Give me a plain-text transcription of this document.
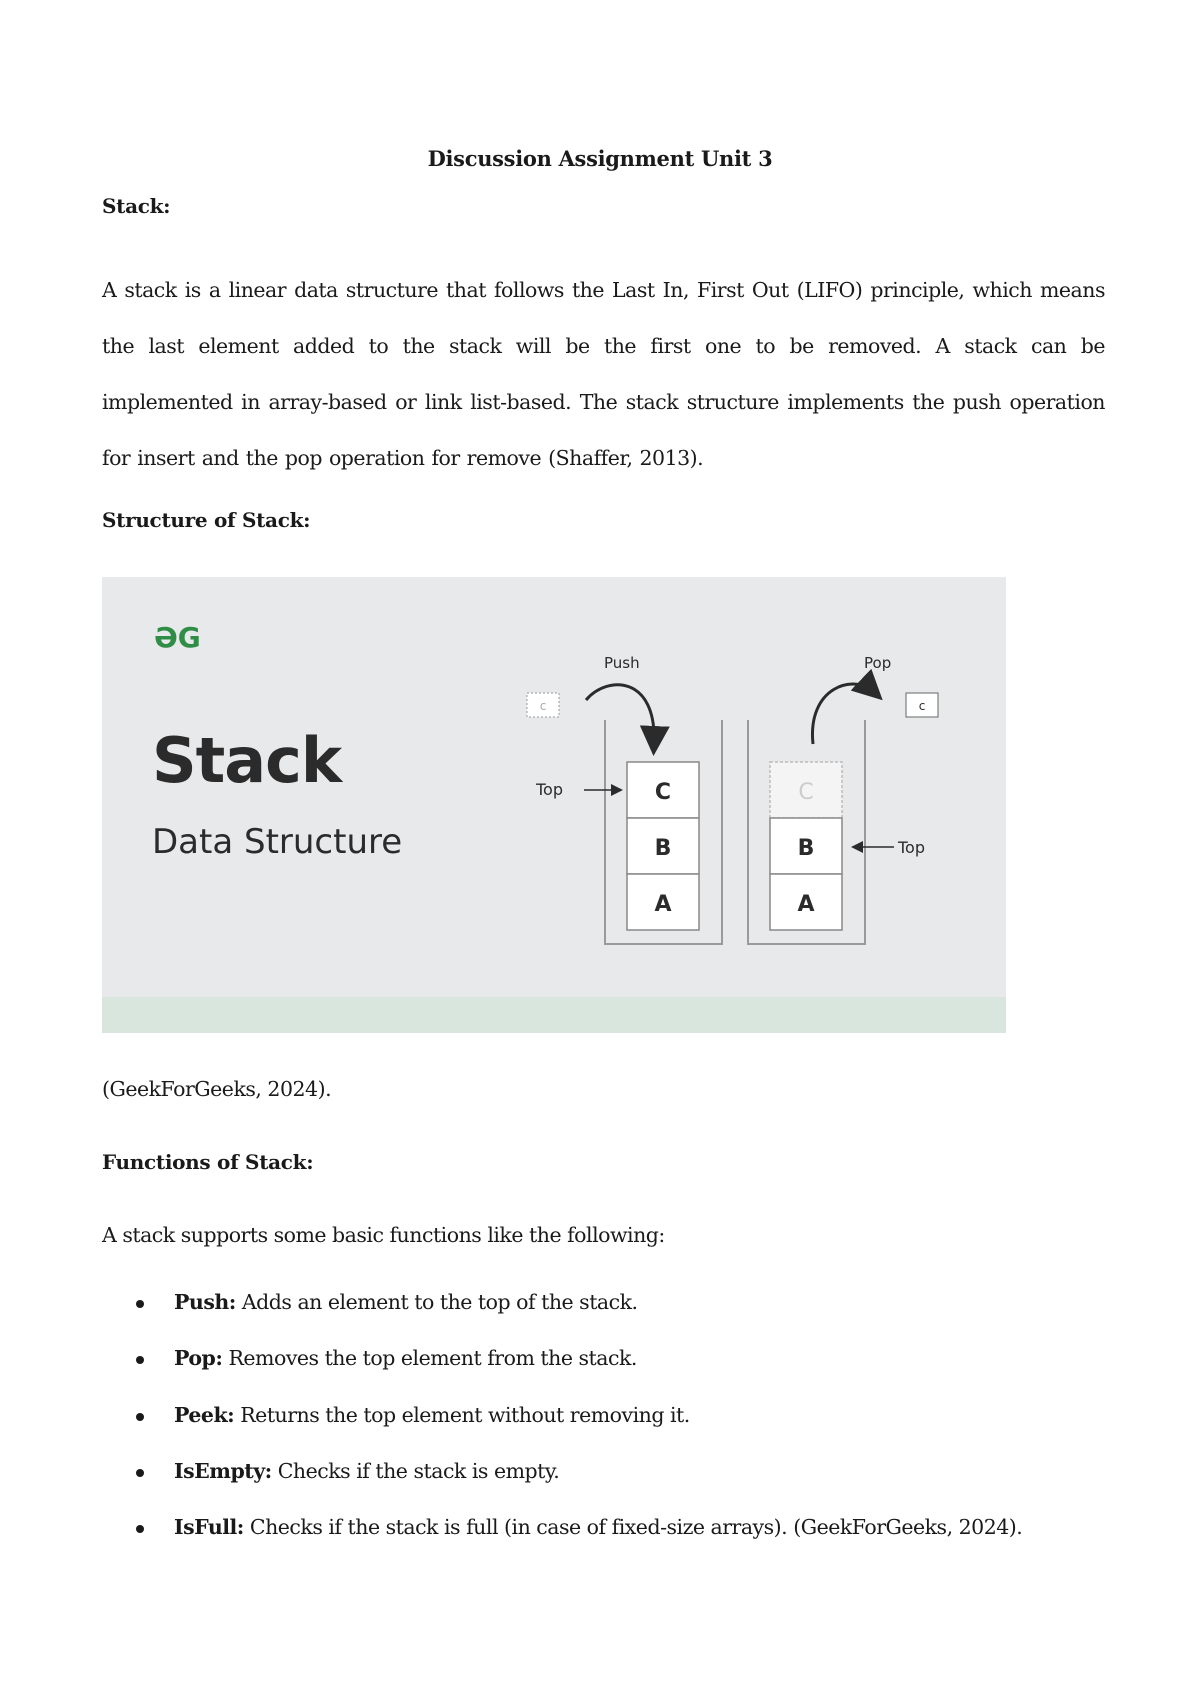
Discussion Assignment Unit 3
Stack:
A stack is a linear data structure that follows the Last In, First Out (LIFO) principle, which means the last element added to the stack will be the first one to be removed. A stack can be implemented in array-based or link list-based. The stack structure implements the push operation for insert and the pop operation for remove (Shaffer, 2013).
Structure of Stack:
ƏG
Stack
Data Structure
Push
c
C
B
A
Top
Pop
c
C
B
A
Top
(GeekForGeeks, 2024).
Functions of Stack:
A stack supports some basic functions like the following:
Push: Adds an element to the top of the stack.
Pop: Removes the top element from the stack.
Peek: Returns the top element without removing it.
IsEmpty: Checks if the stack is empty.
IsFull: Checks if the stack is full (in case of fixed-size arrays). (GeekForGeeks, 2024).
